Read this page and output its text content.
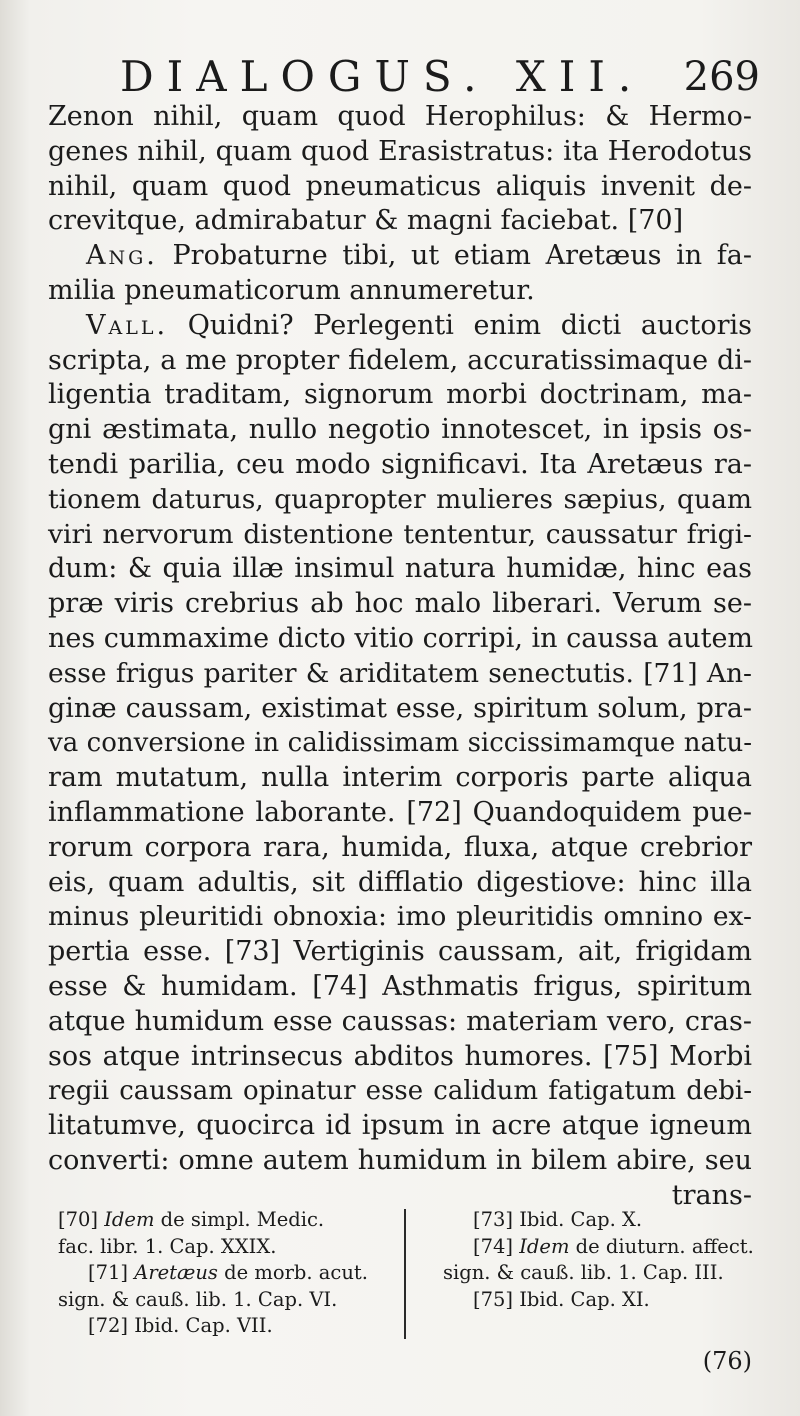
DIALOGUS. XII. 269
Zenon nihil, quam quod Herophilus: & Hermo-
genes nihil, quam quod Erasistratus: ita Herodotus
nihil, quam quod pneumaticus aliquis invenit de-
crevitque, admirabatur & magni faciebat. [70]
Ang. Probaturne tibi, ut etiam Aretæus in fa-
milia pneumaticorum annumeretur.
Vall. Quidni? Perlegenti enim dicti auctoris
scripta, a me propter fidelem, accuratissimaque di-
ligentia traditam, signorum morbi doctrinam, ma-
gni æstimata, nullo negotio innotescet, in ipsis os-
tendi parilia, ceu modo significavi. Ita Aretæus ra-
tionem daturus, quapropter mulieres sæpius, quam
viri nervorum distentione tententur, caussatur frigi-
dum: & quia illæ insimul natura humidæ, hinc eas
præ viris crebrius ab hoc malo liberari. Verum se-
nes cummaxime dicto vitio corripi, in caussa autem
esse frigus pariter & ariditatem senectutis. [71] An-
ginæ caussam, existimat esse, spiritum solum, pra-
va conversione in calidissimam siccissimamque natu-
ram mutatum, nulla interim corporis parte aliqua
inflammatione laborante. [72] Quandoquidem pue-
rorum corpora rara, humida, fluxa, atque crebrior
eis, quam adultis, sit difflatio digestiove: hinc illa
minus pleuritidi obnoxia: imo pleuritidis omnino ex-
pertia esse. [73] Vertiginis caussam, ait, frigidam
esse & humidam. [74] Asthmatis frigus, spiritum
atque humidum esse caussas: materiam vero, cras-
sos atque intrinsecus abditos humores. [75] Morbi
regii caussam opinatur esse calidum fatigatum debi-
litatumve, quocirca id ipsum in acre atque igneum
converti: omne autem humidum in bilem abire, seu
trans-
[70] Idem de simpl. Medic.
fac. libr. 1. Cap. XXIX.
[71] Aretæus de morb. acut.
sign. & cauß. lib. 1. Cap. VI.
[72] Ibid. Cap. VII.
[73] Ibid. Cap. X.
[74] Idem de diuturn. affect.
sign. & cauß. lib. 1. Cap. III.
[75] Ibid. Cap. XI.
(76)
